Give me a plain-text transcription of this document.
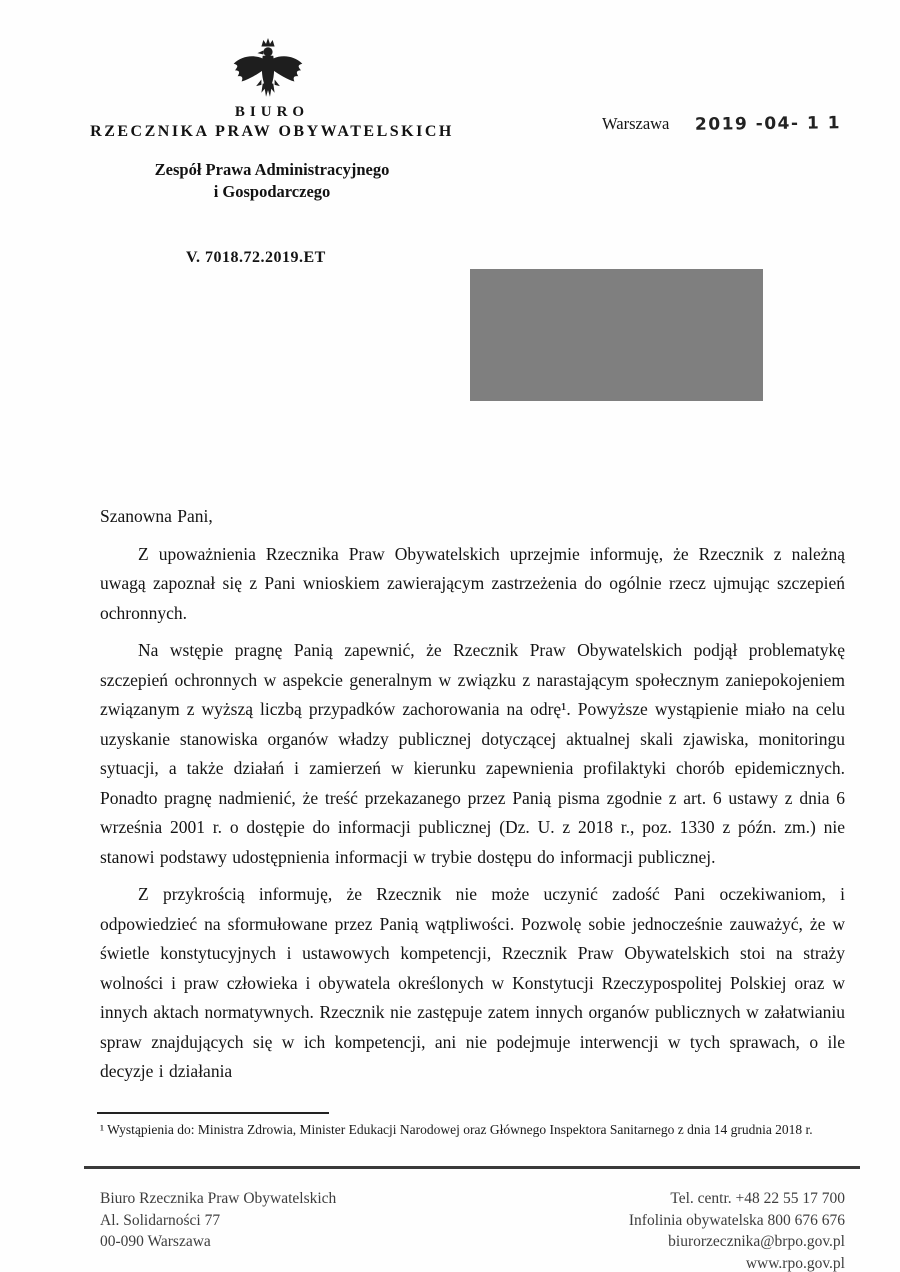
BIURO
RZECZNIKA PRAW OBYWATELSKICH
Zespół Prawa Administracyjnego
i Gospodarczego
Warszawa 2019 -04- 1 1
V. 7018.72.2019.ET

Szanowna Pani,

Z upoważnienia Rzecznika Praw Obywatelskich uprzejmie informuję, że Rzecznik z należną uwagą zapoznał się z Pani wnioskiem zawierającym zastrzeżenia do ogólnie rzecz ujmując szczepień ochronnych.

Na wstępie pragnę Panią zapewnić, że Rzecznik Praw Obywatelskich podjął problematykę szczepień ochronnych w aspekcie generalnym w związku z narastającym społecznym zaniepokojeniem związanym z wyższą liczbą przypadków zachorowania na odrę¹. Powyższe wystąpienie miało na celu uzyskanie stanowiska organów władzy publicznej dotyczącej aktualnej skali zjawiska, monitoringu sytuacji, a także działań i zamierzeń w kierunku zapewnienia profilaktyki chorób epidemicznych. Ponadto pragnę nadmienić, że treść przekazanego przez Panią pisma zgodnie z art. 6 ustawy z dnia 6 września 2001 r. o dostępie do informacji publicznej (Dz. U. z 2018 r., poz. 1330 z późn. zm.) nie stanowi podstawy udostępnienia informacji w trybie dostępu do informacji publicznej.

Z przykrością informuję, że Rzecznik nie może uczynić zadość Pani oczekiwaniom, i odpowiedzieć na sformułowane przez Panią wątpliwości. Pozwolę sobie jednocześnie zauważyć, że w świetle konstytucyjnych i ustawowych kompetencji, Rzecznik Praw Obywatelskich stoi na straży wolności i praw człowieka i obywatela określonych w Konstytucji Rzeczypospolitej Polskiej oraz w innych aktach normatywnych. Rzecznik nie zastępuje zatem innych organów publicznych w załatwianiu spraw znajdujących się w ich kompetencji, ani nie podejmuje interwencji w tych sprawach, o ile decyzje i działania

¹ Wystąpienia do: Ministra Zdrowia, Minister Edukacji Narodowej oraz Głównego Inspektora Sanitarnego z dnia 14 grudnia 2018 r.
Biuro Rzecznika Praw Obywatelskich
Al. Solidarności 77
00-090 Warszawa
Tel. centr. +48 22 55 17 700
Infolinia obywatelska 800 676 676
biurorzecznika@brpo.gov.pl
www.rpo.gov.pl
